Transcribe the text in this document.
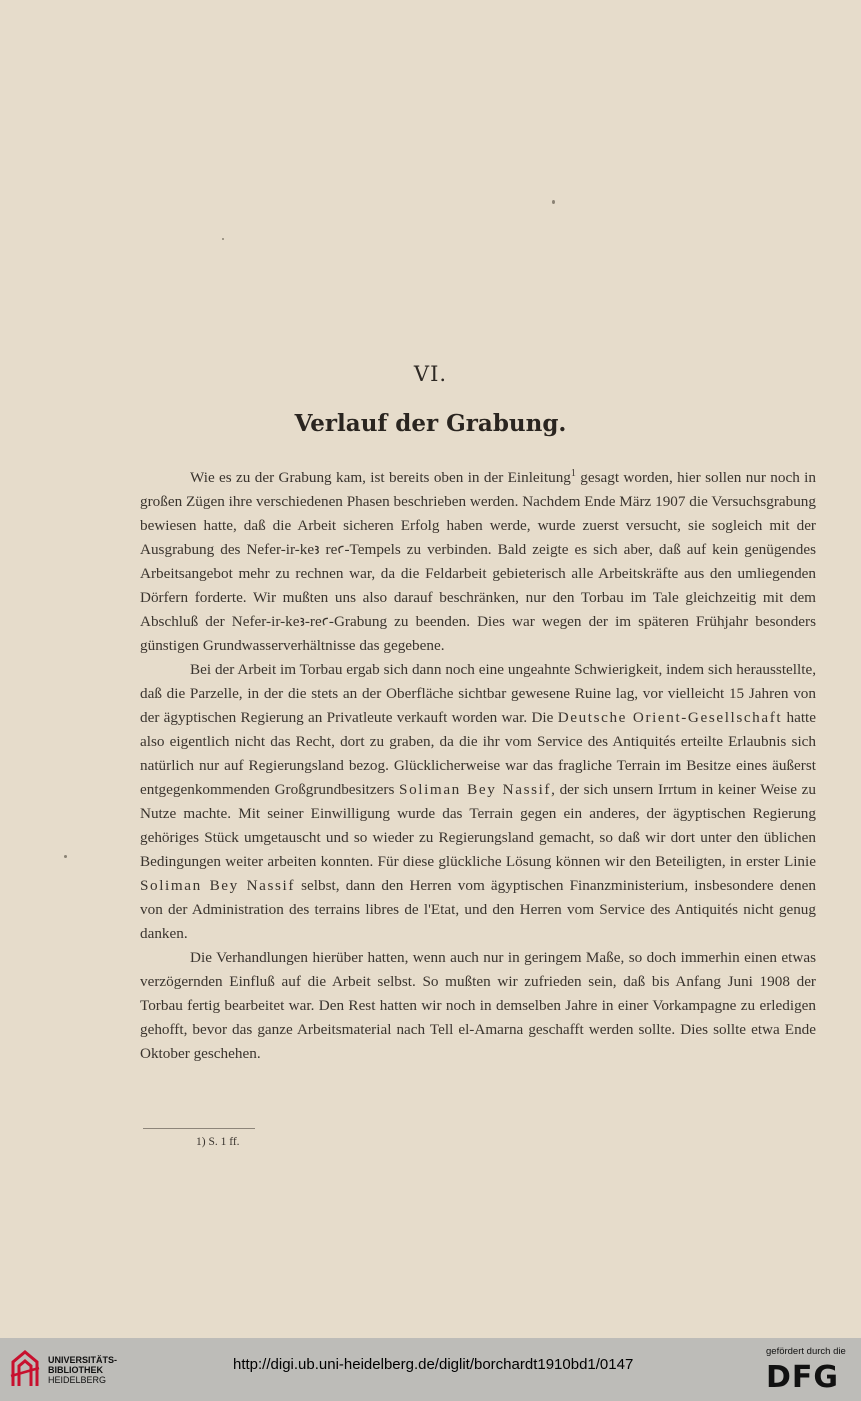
VI.
Verlauf der Grabung.

Wie es zu der Grabung kam, ist bereits oben in der Einleitung$^1$ gesagt worden, hier sollen nur noch in großen Zügen ihre verschiedenen Phasen beschrieben werden. Nachdem Ende März 1907 die Versuchsgrabung bewiesen hatte, daß die Arbeit sicheren Erfolg haben werde, wurde zuerst versucht, sie sogleich mit der Ausgrabung des Nefer-ir-keꜣ reꜥ-Tempels zu verbinden. Bald zeigte es sich aber, daß auf kein genügendes Arbeitsangebot mehr zu rechnen war, da die Feldarbeit gebieterisch alle Arbeitskräfte aus den umliegenden Dörfern forderte. Wir mußten uns also darauf beschränken, nur den Torbau im Tale gleichzeitig mit dem Abschluß der Nefer-ir-keꜣ-reꜥ-Grabung zu beenden. Dies war wegen der im späteren Frühjahr besonders günstigen Grundwasserverhältnisse das gegebene.

Bei der Arbeit im Torbau ergab sich dann noch eine ungeahnte Schwierigkeit, indem sich herausstellte, daß die Parzelle, in der die stets an der Oberfläche sichtbar gewesene Ruine lag, vor vielleicht 15 Jahren von der ägyptischen Regierung an Privatleute verkauft worden war. Die Deutsche Orient-Gesellschaft hatte also eigentlich nicht das Recht, dort zu graben, da die ihr vom Service des Antiquités erteilte Erlaubnis sich natürlich nur auf Regierungsland bezog. Glücklicherweise war das fragliche Terrain im Besitze eines äußerst entgegenkommenden Großgrundbesitzers Soliman Bey Nassif, der sich unsern Irrtum in keiner Weise zu Nutze machte. Mit seiner Einwilligung wurde das Terrain gegen ein anderes, der ägyptischen Regierung gehöriges Stück umgetauscht und so wieder zu Regierungsland gemacht, so daß wir dort unter den üblichen Bedingungen weiter arbeiten konnten. Für diese glückliche Lösung können wir den Beteiligten, in erster Linie Soliman Bey Nassif selbst, dann den Herren vom ägyptischen Finanzministerium, insbesondere denen von der Administration des terrains libres de l'Etat, und den Herren vom Service des Antiquités nicht genug danken.

Die Verhandlungen hierüber hatten, wenn auch nur in geringem Maße, so doch immerhin einen etwas verzögernden Einfluß auf die Arbeit selbst. So mußten wir zufrieden sein, daß bis Anfang Juni 1908 der Torbau fertig bearbeitet war. Den Rest hatten wir noch in demselben Jahre in einer Vorkampagne zu erledigen gehofft, bevor das ganze Arbeitsmaterial nach Tell el-Amarna geschafft werden sollte. Dies sollte etwa Ende Oktober geschehen.

1) S. 1 ff.
UNIVERSITÄTS-
BIBLIOTHEK
HEIDELBERG
http://digi.ub.uni-heidelberg.de/diglit/borchardt1910bd1/0147
gefördert durch die
DFG
